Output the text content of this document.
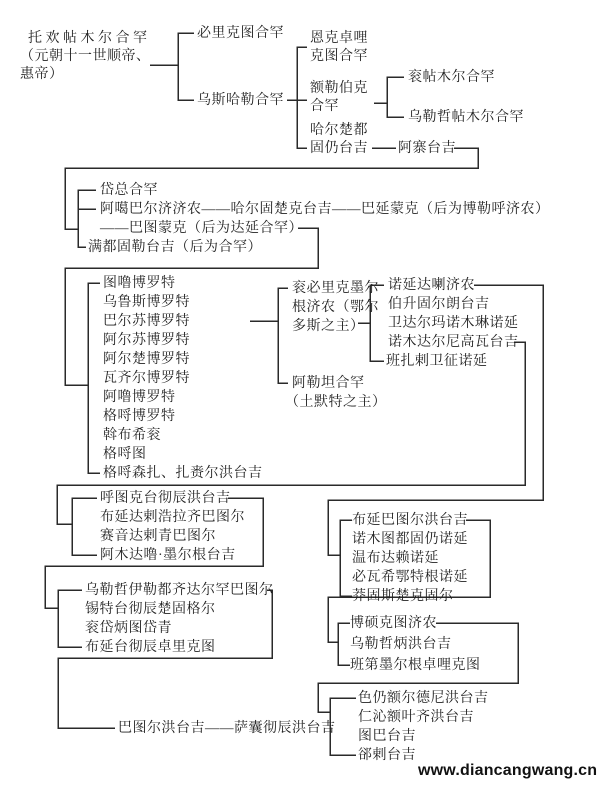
托欢帖木尔合罕
（元朝十一世顺帝、
惠帝）
必里克图合罕
乌斯哈勒合罕
恩克卓哩
克图合罕
额勒伯克
合罕
哈尔楚都
固仍台吉
衮帖木尔合罕
乌勒哲帖木尔合罕
阿寨台吉
岱总合罕
阿噶巴尔济济农——哈尔固楚克台吉——巴延蒙克（后为博勒呼济农）
——巴图蒙克（后为达延合罕）
满都固勒台吉（后为合罕）
图噜博罗特
乌鲁斯博罗特
巴尔苏博罗特
阿尔苏博罗特
阿尔楚博罗特
瓦齐尔博罗特
阿噜博罗特
格哷博罗特
斡布希衮
格哷图
格哷森扎、扎赉尔洪台吉
衮必里克墨尔
根济农（鄂尔
多斯之主）
阿勒坦合罕
（土默特之主）
诺延达喇济农
伯升固尔朗台吉
卫达尔玛诺木琳诺延
诺木达尔尼高瓦台吉
班扎剌卫征诺延
呼图克台彻辰洪台吉
布延达剌浩拉齐巴图尔
赛音达剌青巴图尔
阿木达噜·墨尔根台吉
乌勒哲伊勒都齐达尔罕巴图尔
锡特台彻辰楚固格尔
衮岱炳图岱青
布延台彻辰卓里克图
巴图尔洪台吉——萨囊彻辰洪台吉
布延巴图尔洪台吉
诺木图都固仍诺延
温布达赖诺延
必瓦希鄂特根诺延
莽固斯楚克固尔
博硕克图济农
乌勒哲炳洪台吉
班第墨尔根卓哩克图
色仍额尔德尼洪台吉
仁沁额叶齐洪台吉
图巴台吉
郤剌台吉
www.diancangwang.cn
